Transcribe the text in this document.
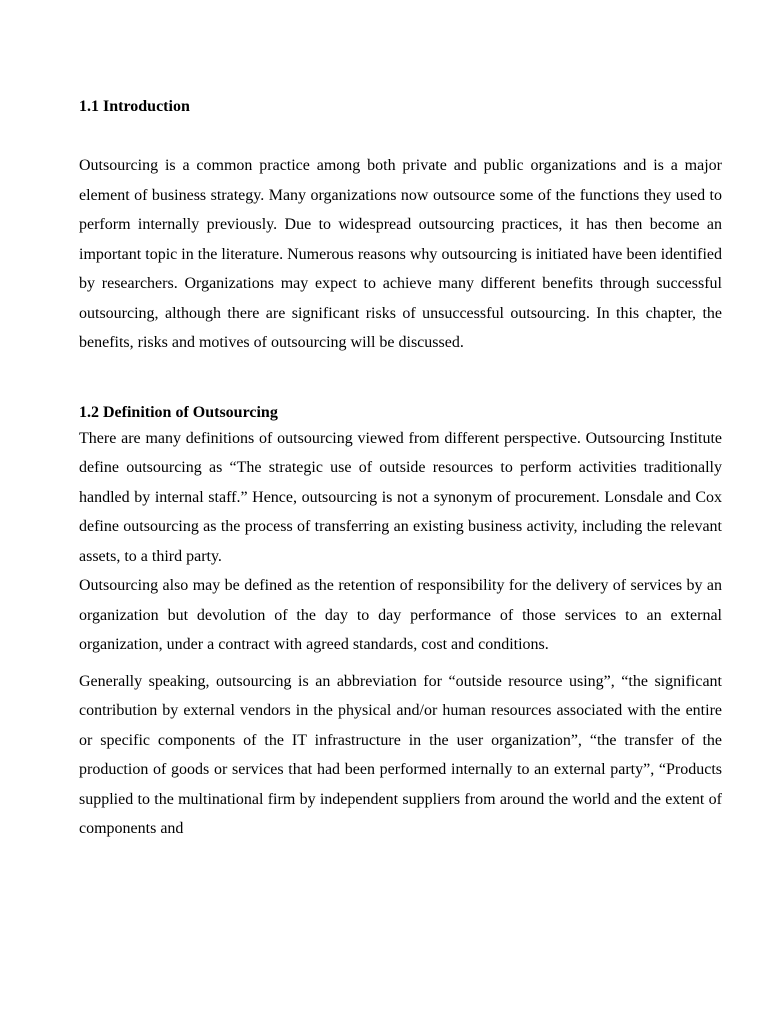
1.1 Introduction

Outsourcing is a common practice among both private and public organizations and is a major element of business strategy. Many organizations now outsource some of the functions they used to perform internally previously. Due to widespread outsourcing practices, it has then become an important topic in the literature. Numerous reasons why outsourcing is initiated have been identified by researchers. Organizations may expect to achieve many different benefits through successful outsourcing, although there are significant risks of unsuccessful outsourcing. In this chapter, the benefits, risks and motives of outsourcing will be discussed.

1.2 Definition of Outsourcing

There are many definitions of outsourcing viewed from different perspective. Outsourcing Institute define outsourcing as “The strategic use of outside resources to perform activities traditionally handled by internal staff.” Hence, outsourcing is not a synonym of procurement. Lonsdale and Cox define outsourcing as the process of transferring an existing business activity, including the relevant assets, to a third party.

Outsourcing also may be defined as the retention of responsibility for the delivery of services by an organization but devolution of the day to day performance of those services to an external organization, under a contract with agreed standards, cost and conditions.

Generally speaking, outsourcing is an abbreviation for “outside resource using”, “the significant contribution by external vendors in the physical and/or human resources associated with the entire or specific components of the IT infrastructure in the user organization”, “the transfer of the production of goods or services that had been performed internally to an external party”, “Products supplied to the multinational firm by independent suppliers from around the world and the extent of components and
